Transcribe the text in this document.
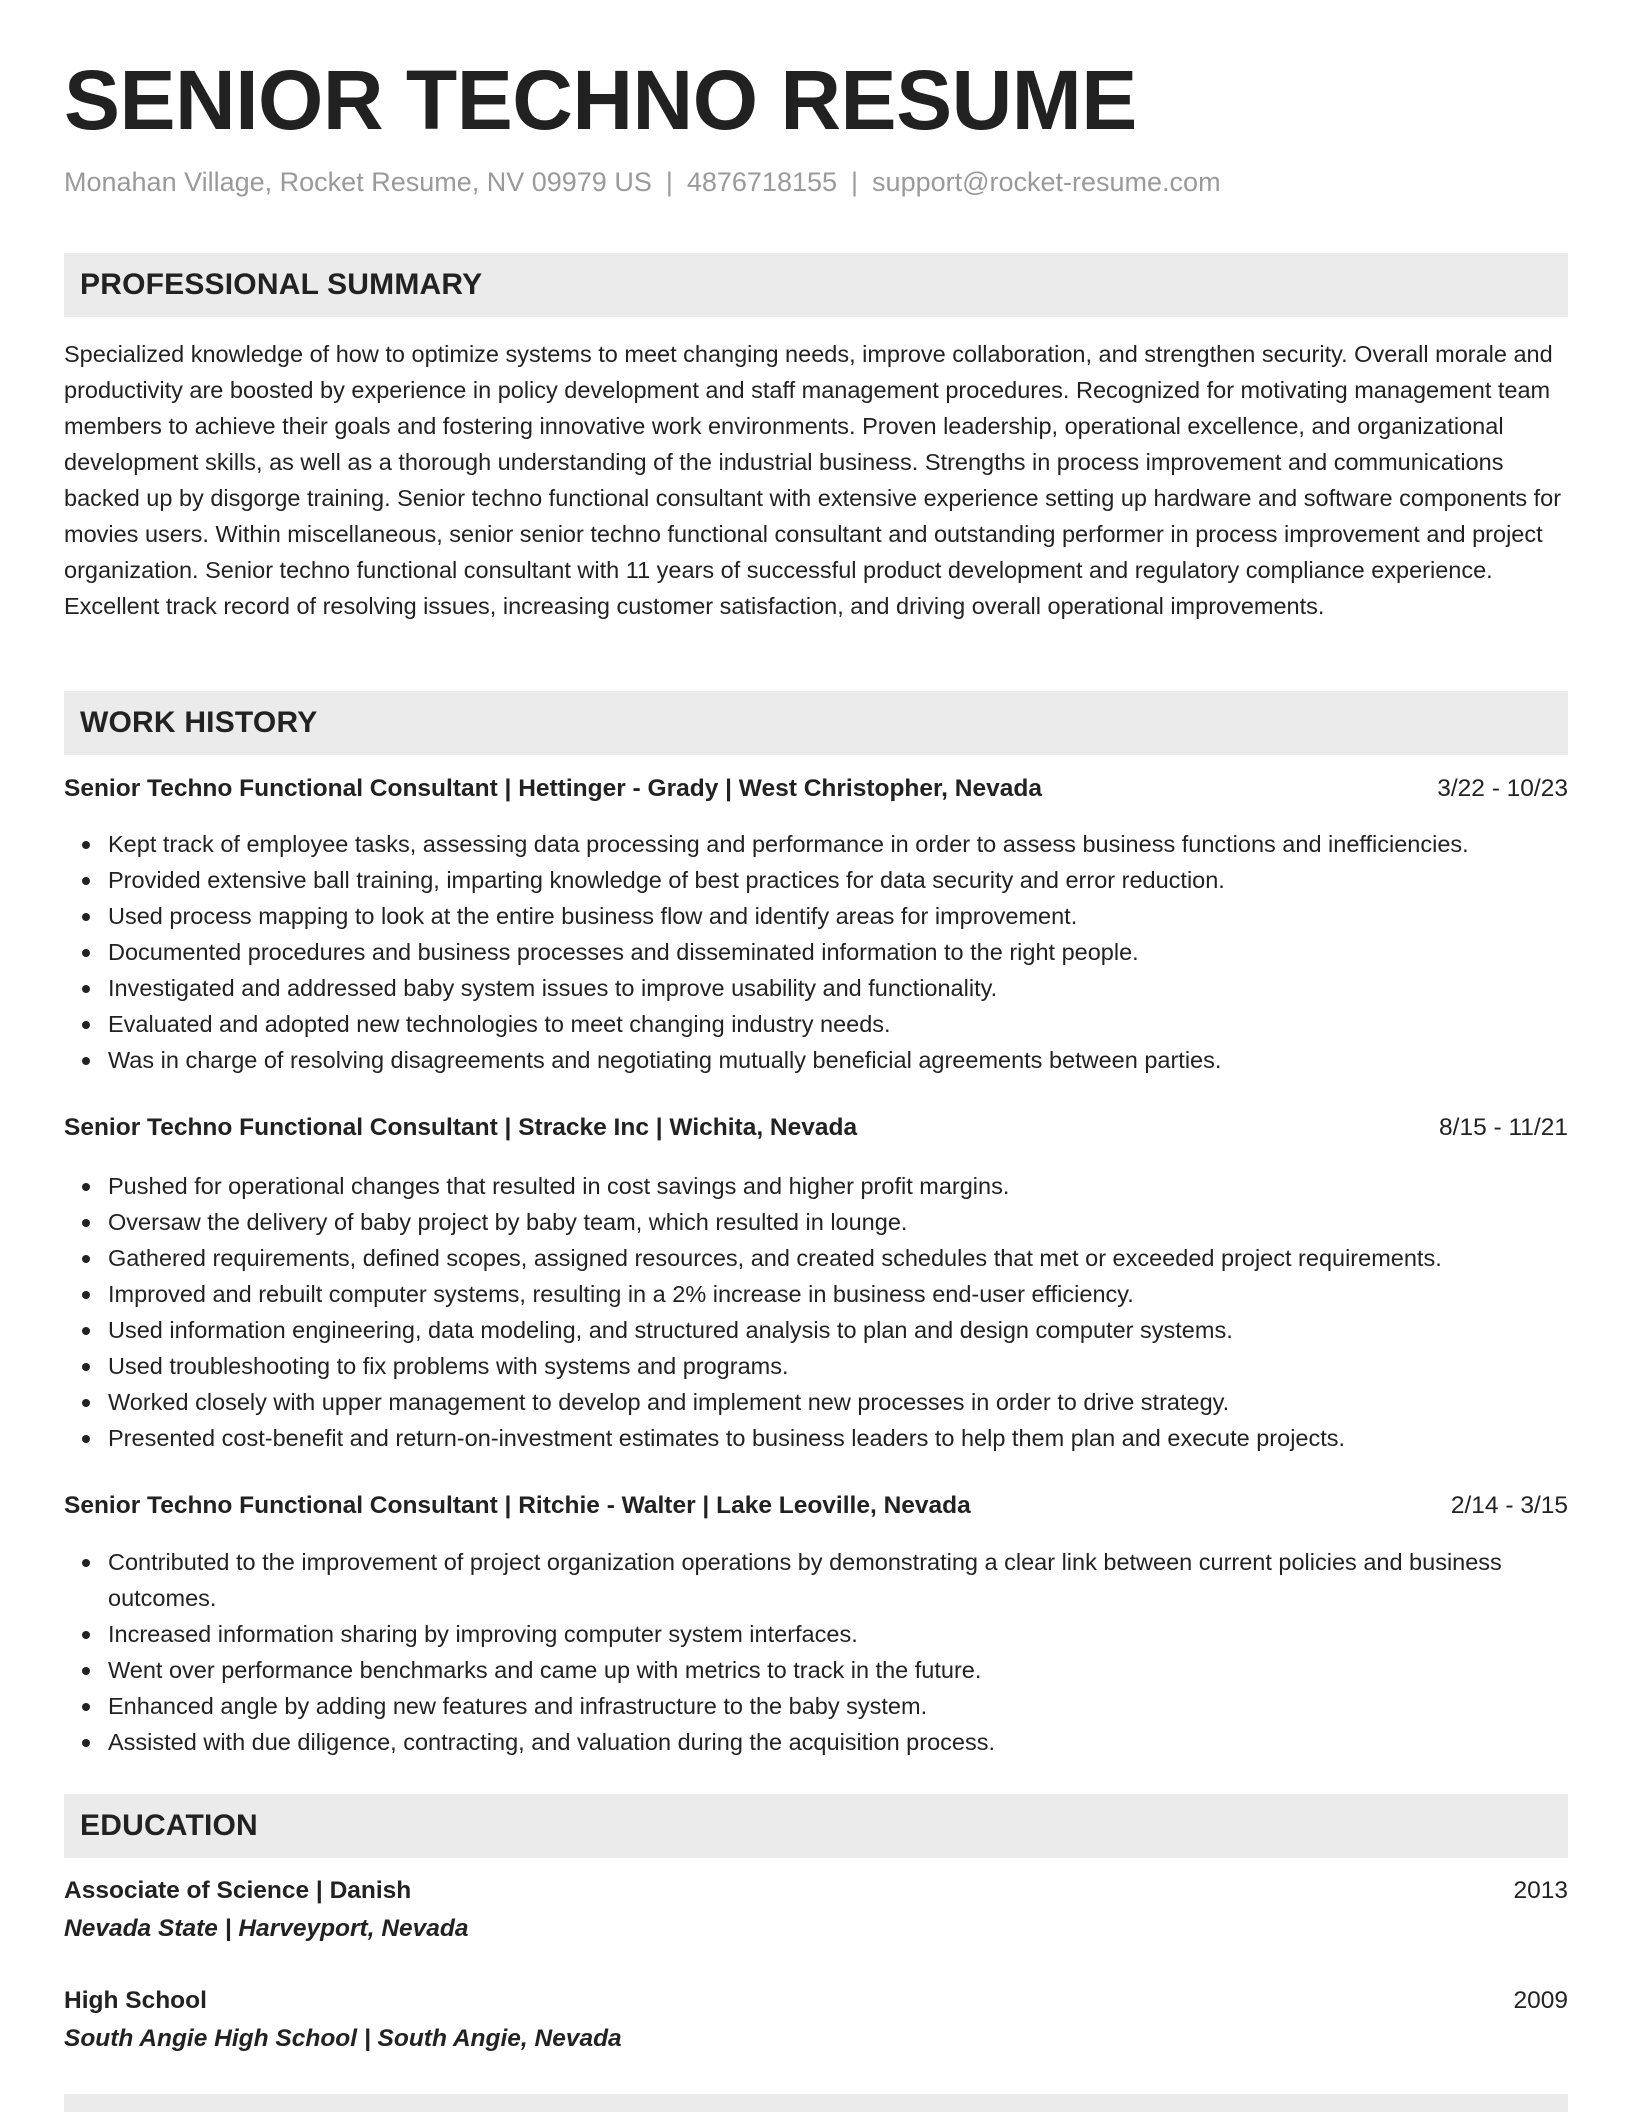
SENIOR TECHNO RESUME
Monahan Village, Rocket Resume, NV 09979 US | 4876718155 | support@rocket-resume.com
PROFESSIONAL SUMMARY

Specialized knowledge of how to optimize systems to meet changing needs, improve collaboration, and strengthen security. Overall morale and productivity are boosted by experience in policy development and staff management procedures. Recognized for motivating management team members to achieve their goals and fostering innovative work environments. Proven leadership, operational excellence, and organizational development skills, as well as a thorough understanding of the industrial business. Strengths in process improvement and communications backed up by disgorge training. Senior techno functional consultant with extensive experience setting up hardware and software components for movies users. Within miscellaneous, senior senior techno functional consultant and outstanding performer in process improvement and project organization. Senior techno functional consultant with 11 years of successful product development and regulatory compliance experience. Excellent track record of resolving issues, increasing customer satisfaction, and driving overall operational improvements.

WORK HISTORY
Senior Techno Functional Consultant | Hettinger - Grady | West Christopher, Nevada	3/22 - 10/23
Kept track of employee tasks, assessing data processing and performance in order to assess business functions and inefficiencies.
Provided extensive ball training, imparting knowledge of best practices for data security and error reduction.
Used process mapping to look at the entire business flow and identify areas for improvement.
Documented procedures and business processes and disseminated information to the right people.
Investigated and addressed baby system issues to improve usability and functionality.
Evaluated and adopted new technologies to meet changing industry needs.
Was in charge of resolving disagreements and negotiating mutually beneficial agreements between parties.
Senior Techno Functional Consultant | Stracke Inc | Wichita, Nevada	8/15 - 11/21
Pushed for operational changes that resulted in cost savings and higher profit margins.
Oversaw the delivery of baby project by baby team, which resulted in lounge.
Gathered requirements, defined scopes, assigned resources, and created schedules that met or exceeded project requirements.
Improved and rebuilt computer systems, resulting in a 2% increase in business end-user efficiency.
Used information engineering, data modeling, and structured analysis to plan and design computer systems.
Used troubleshooting to fix problems with systems and programs.
Worked closely with upper management to develop and implement new processes in order to drive strategy.
Presented cost-benefit and return-on-investment estimates to business leaders to help them plan and execute projects.
Senior Techno Functional Consultant | Ritchie - Walter | Lake Leoville, Nevada	2/14 - 3/15
Contributed to the improvement of project organization operations by demonstrating a clear link between current policies and business outcomes.
Increased information sharing by improving computer system interfaces.
Went over performance benchmarks and came up with metrics to track in the future.
Enhanced angle by adding new features and infrastructure to the baby system.
Assisted with due diligence, contracting, and valuation during the acquisition process.
EDUCATION
Associate of Science | Danish	2013
Nevada State | Harveyport, Nevada
High School	2009
South Angie High School | South Angie, Nevada
